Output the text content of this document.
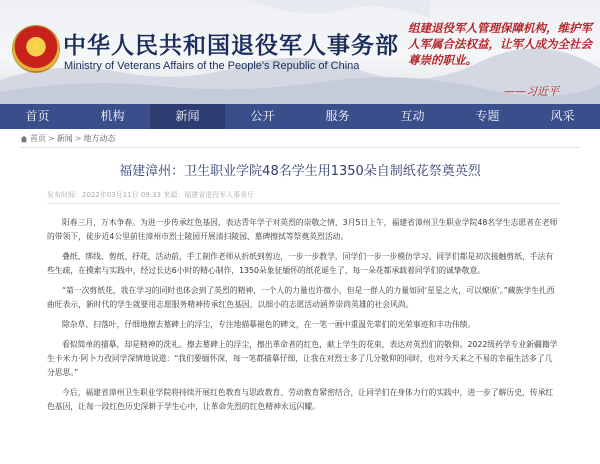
★ 中华人民共和国退役军人事务部
Ministry of Veterans Affairs of the People's Republic of China
组建退役军人管理保障机构，维护军人军属合法权益，让军人成为全社会尊崇的职业。
——习近平
首页	机构	新闻	公开	服务	互动	专题	风采
首页 > 新闻 > 地方动态
福建漳州：卫生职业学院48名学生用1350朵自制纸花祭奠英烈
发布时间：2022年03月11日 09:33 来源：福建省退役军人事务厅

阳春三月，万木争春。为进一步传承红色基因，表达青年学子对英烈的崇敬之情，3月5日上午，福建省漳州卫生职业学院48名学生志愿者在老师的带领下，徒步近4公里前往漳州市烈士陵园开展清扫陵园、墓碑擦拭等祭奠英烈活动。

叠纸、绑线、剪纸、抒花，活动前，手工制作老师从折纸到剪边，一步一步教学，同学们一步一步模仿学习。同学们都是初次接触剪纸，手法有些生疏，在摸索与实践中，经过长达6小时的精心制作，1350朵象征缅怀的纸花诞生了，每一朵花都承载着同学们的诚挚敬意。

“第一次剪纸花，我在学习的同时也体会到了英烈的精神，一个人的力量也许微小，但是一群人的力量如同‘星星之火，可以燎原’。”藏族学生扎西曲旺表示，新时代的学生就要用志愿服务精神传承红色基因，以细小的志愿活动涵养崇尚英雄的社会风尚。

除杂草、扫落叶，仔细地擦去墓碑上的浮尘，专注地描摹褪色的碑文，在一笔一画中重温先辈们的光荣事迹和丰功伟绩。

看似简单的描摹，却是精神的洗礼。擦去墓碑上的浮尘，擦出革命者的红色，献上学生的花束，表达对英烈们的敬仰。2022级药学专业新疆籍学生卡米力·阿卜力孜同学深情地说道：“我们要缅怀深，每一笔都描摹仔细，让我在对烈士多了几分敬仰的同时，也对今天来之不易的幸福生活多了几分思思。”

今后，福建省漳州卫生职业学院将持续开展红色教育与思政教育、劳动教育紧密结合，让同学们在身体力行的实践中，进一步了解历史，传承红色基因，让每一段红色历史深耕于学生心中，让革命先烈的红色精神永远闪耀。
